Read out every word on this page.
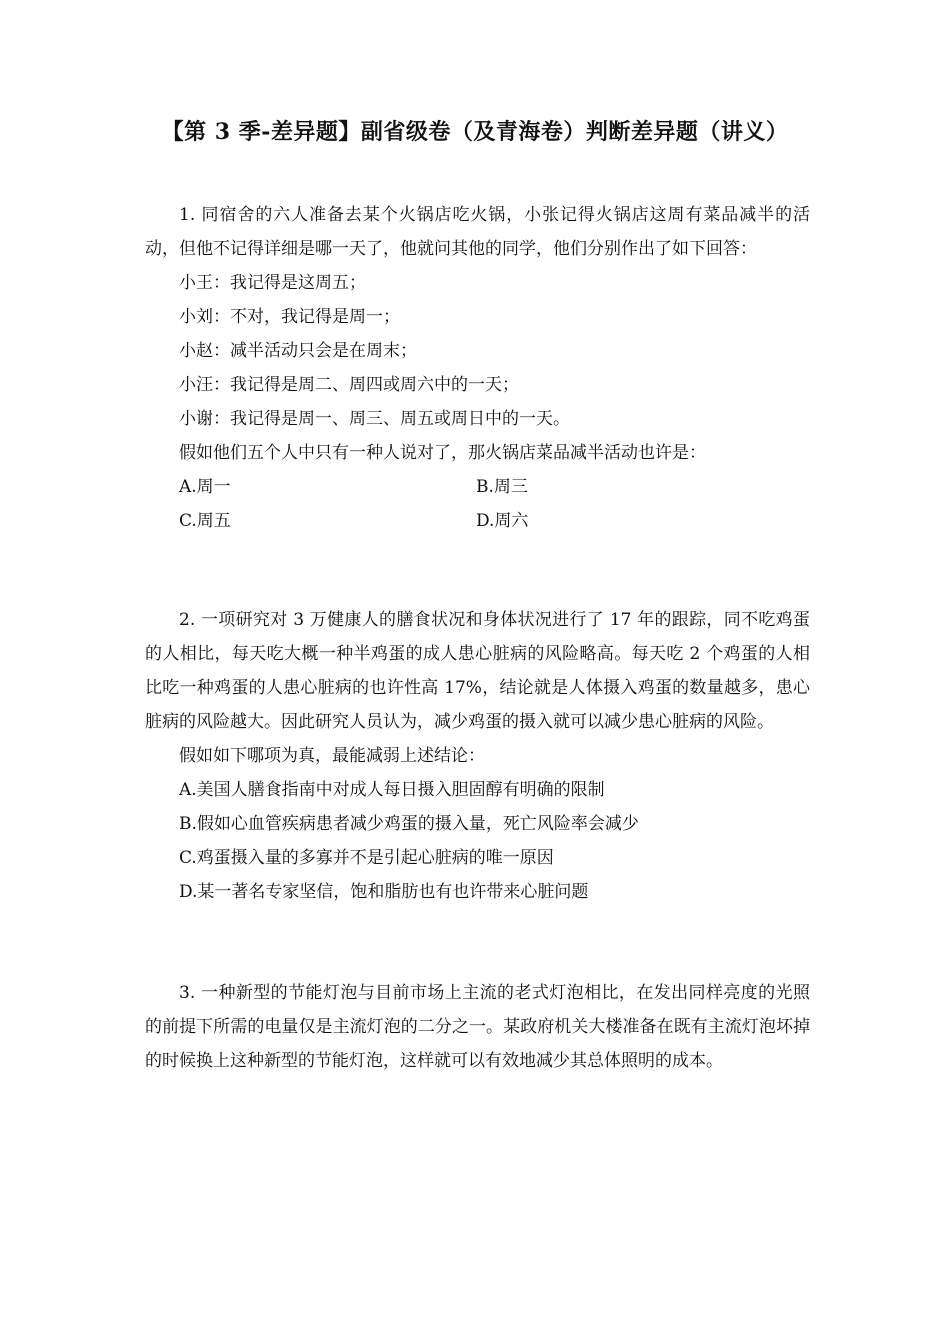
【第 3 季-差异题】副省级卷（及青海卷）判断差异题（讲义）

1. 同宿舍的六人准备去某个火锅店吃火锅，小张记得火锅店这周有菜品减半的活动，但他不记得详细是哪一天了，他就问其他的同学，他们分别作出了如下回答：

小王：我记得是这周五；

小刘：不对，我记得是周一；

小赵：减半活动只会是在周末；

小汪：我记得是周二、周四或周六中的一天；

小谢：我记得是周一、周三、周五或周日中的一天。

假如他们五个人中只有一种人说对了，那火锅店菜品减半活动也许是：

A.周一	B.周三
C.周五	D.周六

2. 一项研究对 3 万健康人的膳食状况和身体状况进行了 17 年的跟踪，同不吃鸡蛋的人相比，每天吃大概一种半鸡蛋的成人患心脏病的风险略高。每天吃 2 个鸡蛋的人相比吃一种鸡蛋的人患心脏病的也许性高 17%，结论就是人体摄入鸡蛋的数量越多，患心脏病的风险越大。因此研究人员认为，减少鸡蛋的摄入就可以减少患心脏病的风险。

假如如下哪项为真，最能减弱上述结论：

A.美国人膳食指南中对成人每日摄入胆固醇有明确的限制

B.假如心血管疾病患者减少鸡蛋的摄入量，死亡风险率会减少

C.鸡蛋摄入量的多寡并不是引起心脏病的唯一原因

D.某一著名专家坚信，饱和脂肪也有也许带来心脏问题

3. 一种新型的节能灯泡与目前市场上主流的老式灯泡相比，在发出同样亮度的光照的前提下所需的电量仅是主流灯泡的二分之一。某政府机关大楼准备在既有主流灯泡坏掉的时候换上这种新型的节能灯泡，这样就可以有效地减少其总体照明的成本。
